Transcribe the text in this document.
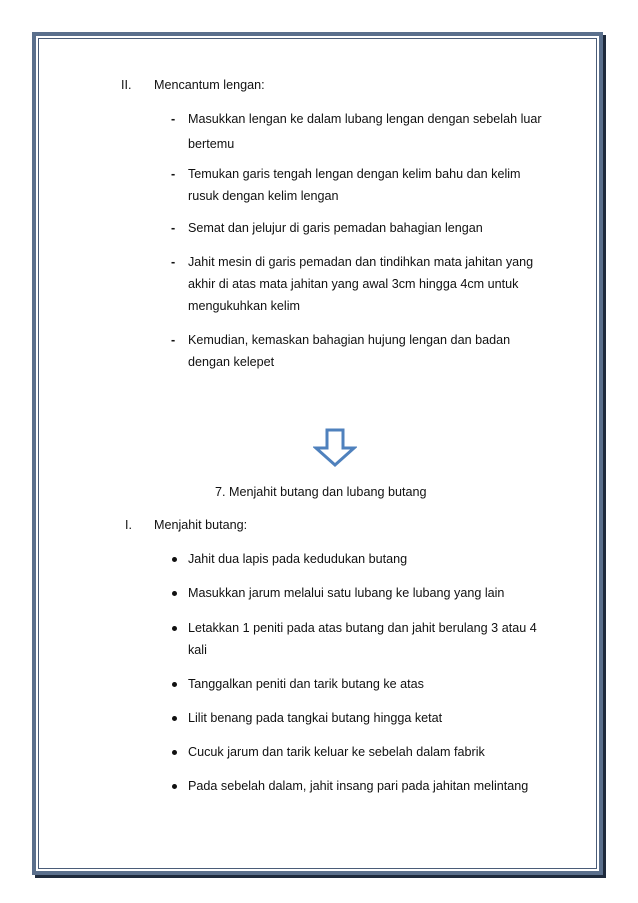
II. Mencantum lengan:
- Masukkan lengan ke dalam lubang lengan dengan sebelah luar
bertemu
- Temukan garis tengah lengan dengan kelim bahu dan kelim
rusuk dengan kelim lengan
- Semat dan jelujur di garis pemadan bahagian lengan
- Jahit mesin di garis pemadan dan tindihkan mata jahitan yang
akhir di atas mata jahitan yang awal 3cm hingga 4cm untuk
mengukuhkan kelim
- Kemudian, kemaskan bahagian hujung lengan dan badan
dengan kelepet
7. Menjahit butang dan lubang butang
I. Menjahit butang:
Jahit dua lapis pada kedudukan butang
Masukkan jarum melalui satu lubang ke lubang yang lain
Letakkan 1 peniti pada atas butang dan jahit berulang 3 atau 4
kali
Tanggalkan peniti dan tarik butang ke atas
Lilit benang pada tangkai butang hingga ketat
Cucuk jarum dan tarik keluar ke sebelah dalam fabrik
Pada sebelah dalam, jahit insang pari pada jahitan melintang
